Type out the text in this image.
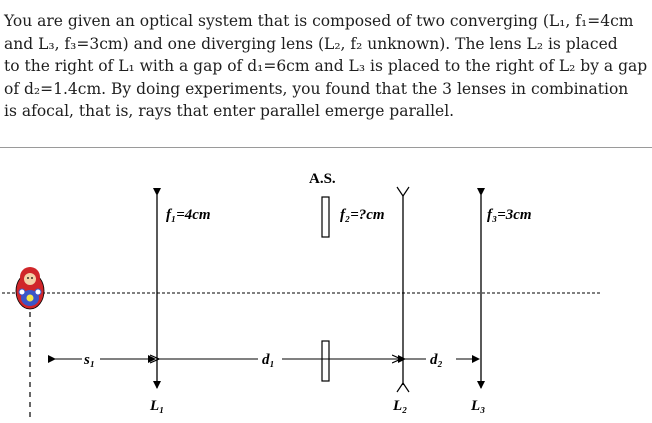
You are given an optical system that is composed of two converging (L₁, f₁=4cm
and L₃, f₃=3cm) and one diverging lens (L₂, f₂ unknown). The lens L₂ is placed
to the right of L₁ with a gap of d₁=6cm and L₃ is placed to the right of L₂ by a gap
of d₂=1.4cm. By doing experiments, you found that the 3 lenses in combination
is afocal, that is, rays that enter parallel emerge parallel.
A.S.
f₁=4cm	f₂=?cm	f₃=3cm
s₁	d₁	d₂
L₁	L₂	L₃
